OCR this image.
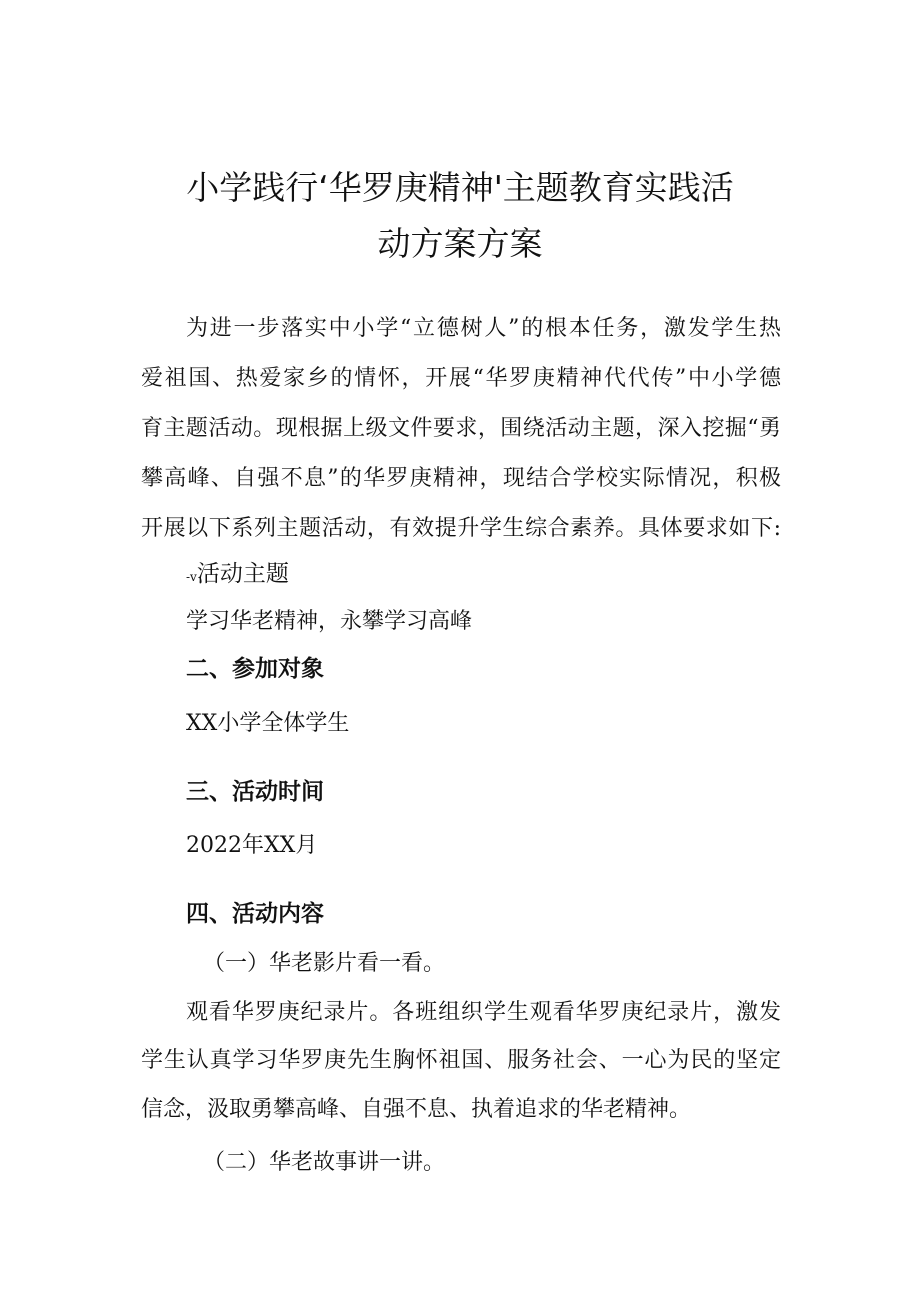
小学践行‘华罗庚精神'主题教育实践活
动方案方案

为进一步落实中小学“立德树人”的根本任务，激发学生热

爱祖国、热爱家乡的情怀，开展“华罗庚精神代代传”中小学德

育主题活动。现根据上级文件要求，围绕活动主题，深入挖掘“勇

攀高峰、自强不息”的华罗庚精神，现结合学校实际情况，积极

开展以下系列主题活动，有效提升学生综合素养。具体要求如下:

-v活动主题

学习华老精神，永攀学习高峰

二、参加对象

XX小学全体学生

三、活动时间

2022年XX月

四、活动内容

（一）华老影片看一看。

观看华罗庚纪录片。各班组织学生观看华罗庚纪录片，激发

学生认真学习华罗庚先生胸怀祖国、服务社会、一心为民的坚定

信念，汲取勇攀高峰、自强不息、执着追求的华老精神。

（二）华老故事讲一讲。
